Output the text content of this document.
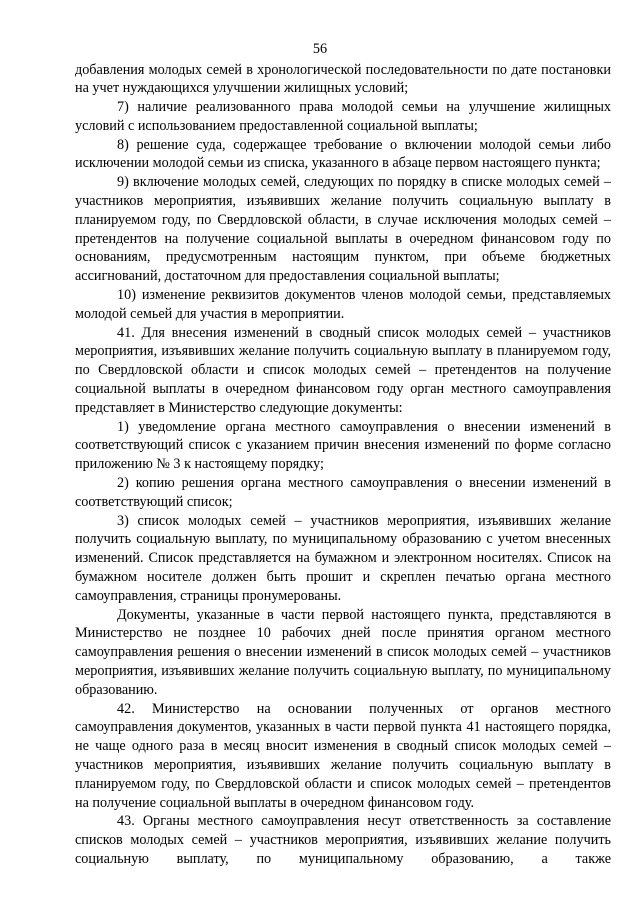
56

добавления молодых семей в хронологической последовательности по дате постановки на учет нуждающихся улучшении жилищных условий;

7) наличие реализованного права молодой семьи на улучшение жилищных условий с использованием предоставленной социальной выплаты;

8) решение суда, содержащее требование о включении молодой семьи либо исключении молодой семьи из списка, указанного в абзаце первом настоящего пункта;

9) включение молодых семей, следующих по порядку в списке молодых семей – участников мероприятия, изъявивших желание получить социальную выплату в планируемом году, по Свердловской области, в случае исключения молодых семей – претендентов на получение социальной выплаты в очередном финансовом году по основаниям, предусмотренным настоящим пунктом, при объеме бюджетных ассигнований, достаточном для предоставления социальной выплаты;

10) изменение реквизитов документов членов молодой семьи, представляемых молодой семьей для участия в мероприятии.

41. Для внесения изменений в сводный список молодых семей – участников мероприятия, изъявивших желание получить социальную выплату в планируемом году, по Свердловской области и список молодых семей – претендентов на получение социальной выплаты в очередном финансовом году орган местного самоуправления представляет в Министерство следующие документы:

1) уведомление органа местного самоуправления о внесении изменений в соответствующий список с указанием причин внесения изменений по форме согласно приложению № 3 к настоящему порядку;

2) копию решения органа местного самоуправления о внесении изменений в соответствующий список;

3) список молодых семей – участников мероприятия, изъявивших желание получить социальную выплату, по муниципальному образованию с учетом внесенных изменений. Список представляется на бумажном и электронном носителях. Список на бумажном носителе должен быть прошит и скреплен печатью органа местного самоуправления, страницы пронумерованы.

Документы, указанные в части первой настоящего пункта, представляются в Министерство не позднее 10 рабочих дней после принятия органом местного самоуправления решения о внесении изменений в список молодых семей – участников мероприятия, изъявивших желание получить социальную выплату, по муниципальному образованию.

42. Министерство на основании полученных от органов местного самоуправления документов, указанных в части первой пункта 41 настоящего порядка, не чаще одного раза в месяц вносит изменения в сводный список молодых семей – участников мероприятия, изъявивших желание получить социальную выплату в планируемом году, по Свердловской области и список молодых семей – претендентов на получение социальной выплаты в очередном финансовом году.

43. Органы местного самоуправления несут ответственность за составление списков молодых семей – участников мероприятия, изъявивших желание получить социальную выплату, по муниципальному образованию, а также
